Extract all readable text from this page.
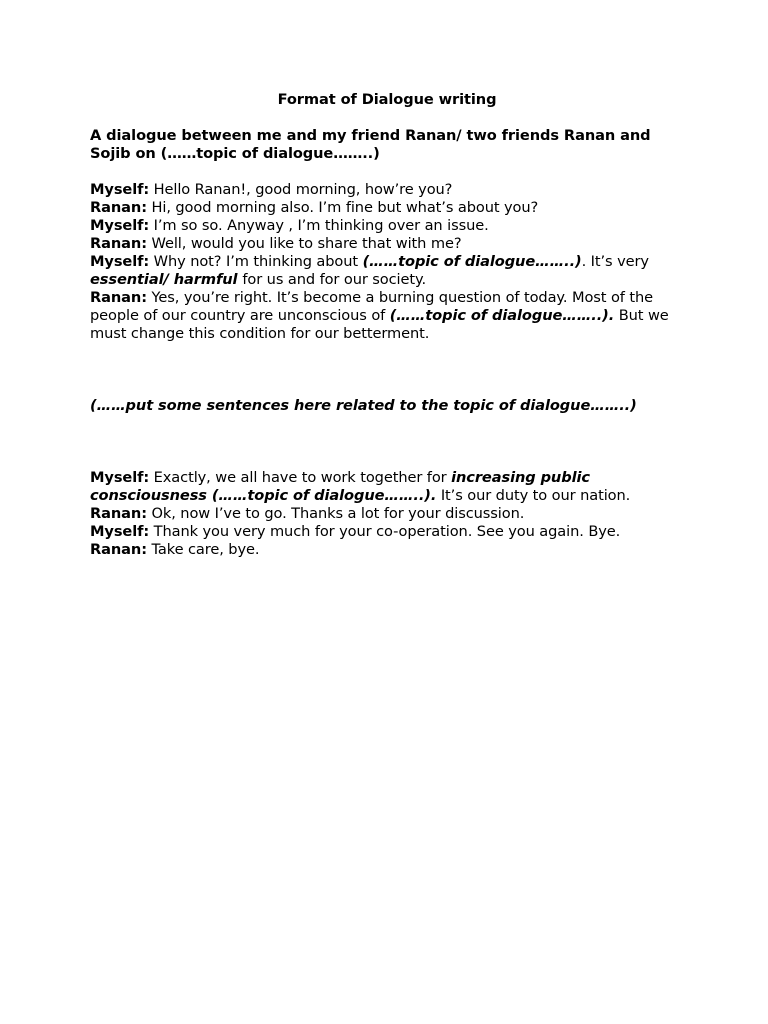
Format of Dialogue writing

A dialogue between me and my friend Ranan/ two friends Ranan and Sojib on (……topic of dialogue……..)

Myself: Hello Ranan!, good morning, how’re you?

Ranan: Hi, good morning also. I’m fine but what’s about you?

Myself: I’m so so. Anyway , I’m thinking over an issue.

Ranan: Well, would you like to share that with me?

Myself: Why not? I’m thinking about (……topic of dialogue……..). It’s very essential/ harmful for us and for our society.

Ranan: Yes, you’re right. It’s become a burning question of today. Most of the people of our country are unconscious of (……topic of dialogue……..). But we must change this condition for our betterment.

(……put some sentences here related to the topic of dialogue……..)

Myself: Exactly, we all have to work together for increasing public consciousness (……topic of dialogue……..). It’s our duty to our nation.

Ranan: Ok, now I’ve to go. Thanks a lot for your discussion.

Myself: Thank you very much for your co-operation. See you again. Bye.

Ranan: Take care, bye.
